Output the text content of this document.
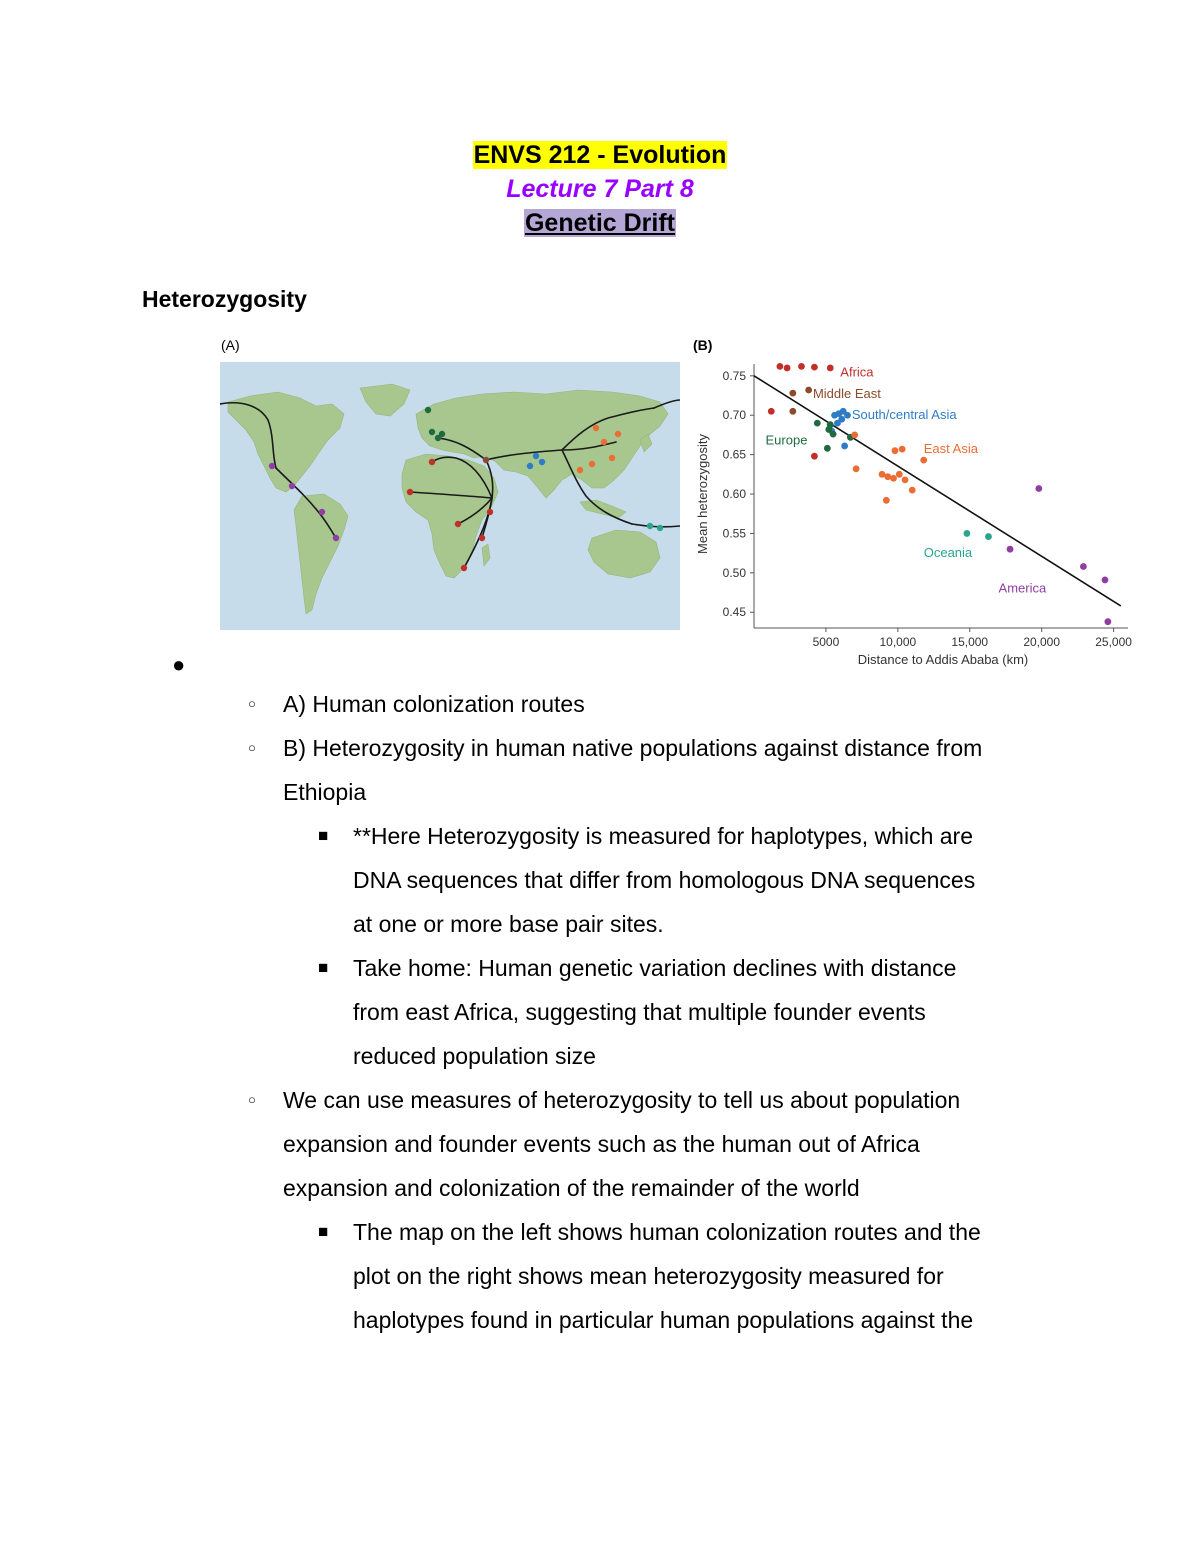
ENVS 212 - Evolution
Lecture 7 Part 8
Genetic Drift
Heterozygosity
(A)	(B)
0.45
0.50
0.55
0.60
0.65
0.70
0.75
5000	10,000	15,000	20,000	25,000
Africa
Middle East
South/central Asia
Europe
East Asia
Oceania
America
Distance to Addis Ababa (km)
Mean heterozygosity
●
○ A) Human colonization routes
○ B) Heterozygosity in human native populations against distance from
Ethiopia
■ **Here Heterozygosity is measured for haplotypes, which are
DNA sequences that differ from homologous DNA sequences
at one or more base pair sites.
■ Take home: Human genetic variation declines with distance
from east Africa, suggesting that multiple founder events
reduced population size
○ We can use measures of heterozygosity to tell us about population
expansion and founder events such as the human out of Africa
expansion and colonization of the remainder of the world
■ The map on the left shows human colonization routes and the
plot on the right shows mean heterozygosity measured for
haplotypes found in particular human populations against the
